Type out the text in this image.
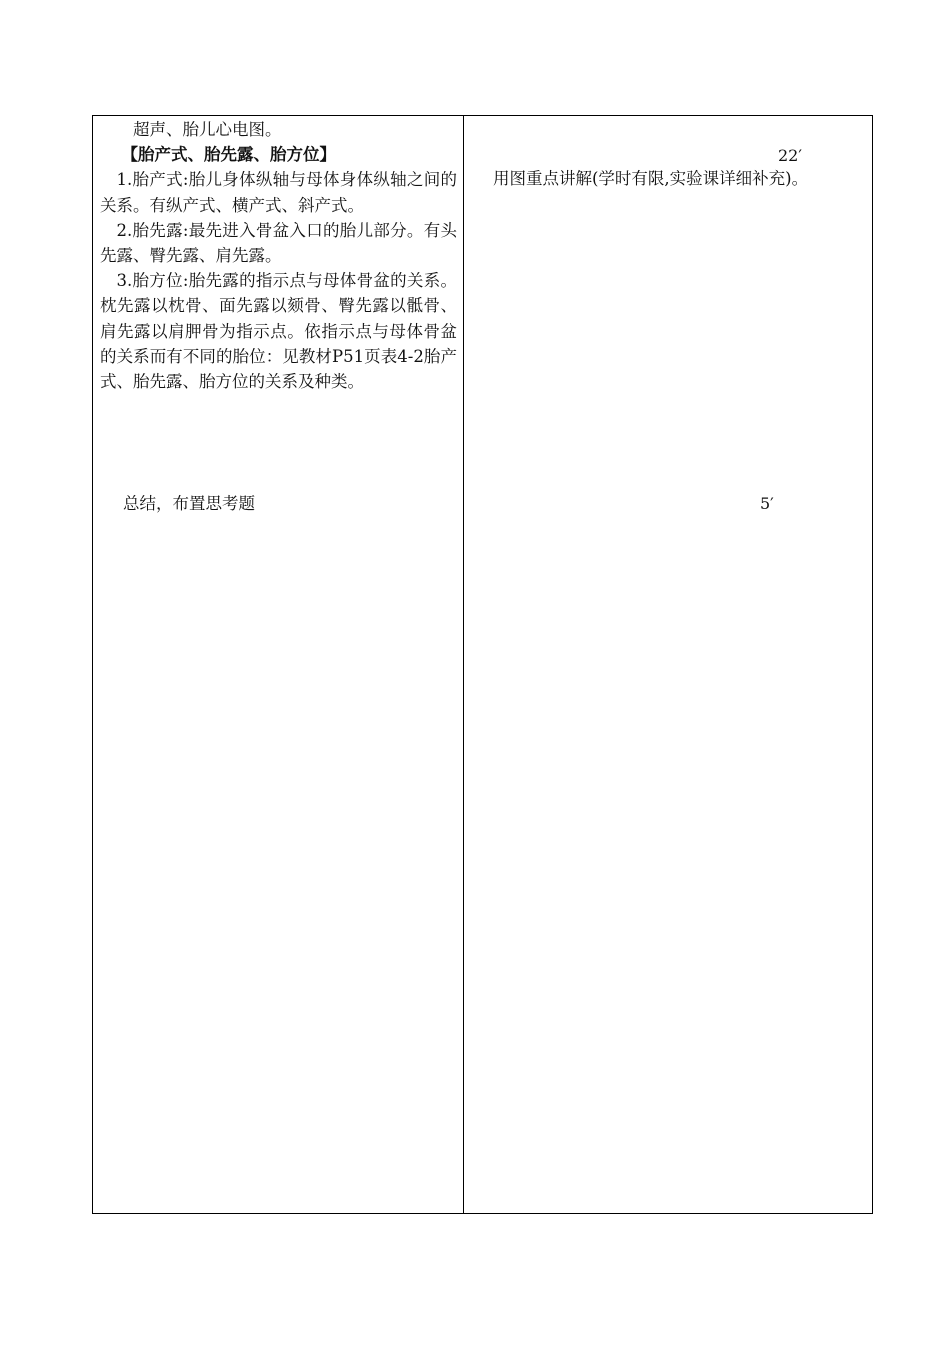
超声、胎儿心电图。

【胎产式、胎先露、胎方位】

1.胎产式:胎儿身体纵轴与母体身体纵轴之间的关系。有纵产式、横产式、斜产式。

2.胎先露:最先进入骨盆入口的胎儿部分。有头先露、臀先露、肩先露。

3.胎方位:胎先露的指示点与母体骨盆的关系。枕先露以枕骨、面先露以颏骨、臀先露以骶骨、肩先露以肩胛骨为指示点。依指示点与母体骨盆的关系而有不同的胎位：见教材P51页表4-2胎产式、胎先露、胎方位的关系及种类。

总结，布置思考题
22′
用图重点讲解(学时有限,实验课详细补充)。
5′
